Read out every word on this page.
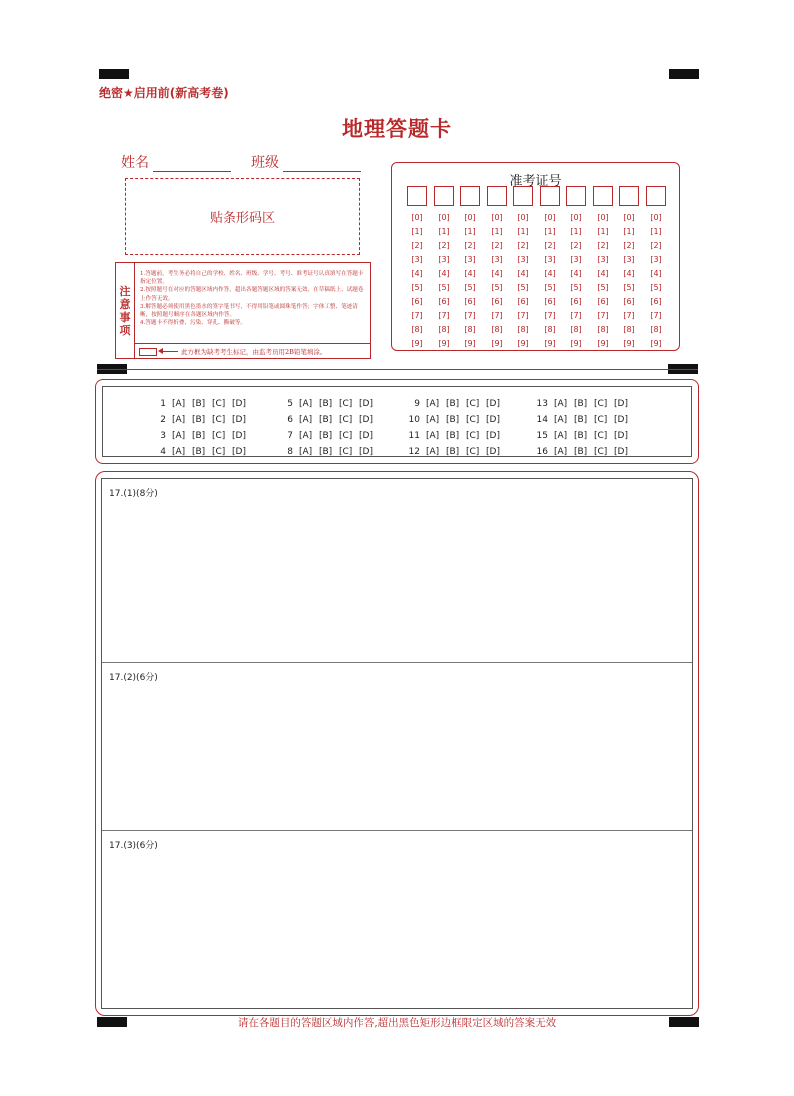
绝密★启用前(新高考卷)
地理答题卡
姓名	班级
贴条形码区
注
意
事
项
1.答题前，考生务必将自己的学校、姓名、班级、学号、考号、准考证号认真填写在答题卡指定位置。
2.按照题号在对应的答题区域内作答，超出各题答题区域的答案无效，在草稿纸上、试题卷上作答无效。
3.解答题必须使用黑色墨水的签字笔书写，不得用铅笔或圆珠笔作答；字体工整、笔迹清晰，按照题号顺序在各题区域内作答。
4.答题卡不得折叠、污染、穿孔、撕破等。
此方框为缺考考生标记，由监考员用2B铅笔填涂。
准考证号
[0]
[1]
[2]
[3]
[4]
[5]
[6]
[7]
[8]
[9]
[0]
[1]
[2]
[3]
[4]
[5]
[6]
[7]
[8]
[9]
[0]
[1]
[2]
[3]
[4]
[5]
[6]
[7]
[8]
[9]
[0]
[1]
[2]
[3]
[4]
[5]
[6]
[7]
[8]
[9]
[0]
[1]
[2]
[3]
[4]
[5]
[6]
[7]
[8]
[9]
[0]
[1]
[2]
[3]
[4]
[5]
[6]
[7]
[8]
[9]
[0]
[1]
[2]
[3]
[4]
[5]
[6]
[7]
[8]
[9]
[0]
[1]
[2]
[3]
[4]
[5]
[6]
[7]
[8]
[9]
[0]
[1]
[2]
[3]
[4]
[5]
[6]
[7]
[8]
[9]
[0]
[1]
[2]
[3]
[4]
[5]
[6]
[7]
[8]
[9]
1 [A] [B] [C] [D]
2 [A] [B] [C] [D]
3 [A] [B] [C] [D]
4 [A] [B] [C] [D]
5 [A] [B] [C] [D]
6 [A] [B] [C] [D]
7 [A] [B] [C] [D]
8 [A] [B] [C] [D]
9 [A] [B] [C] [D]
10 [A] [B] [C] [D]
11 [A] [B] [C] [D]
12 [A] [B] [C] [D]
13 [A] [B] [C] [D]
14 [A] [B] [C] [D]
15 [A] [B] [C] [D]
16 [A] [B] [C] [D]
17.(1)(8分)
17.(2)(6分)
17.(3)(6分)
请在各题目的答题区域内作答,超出黑色矩形边框限定区域的答案无效
